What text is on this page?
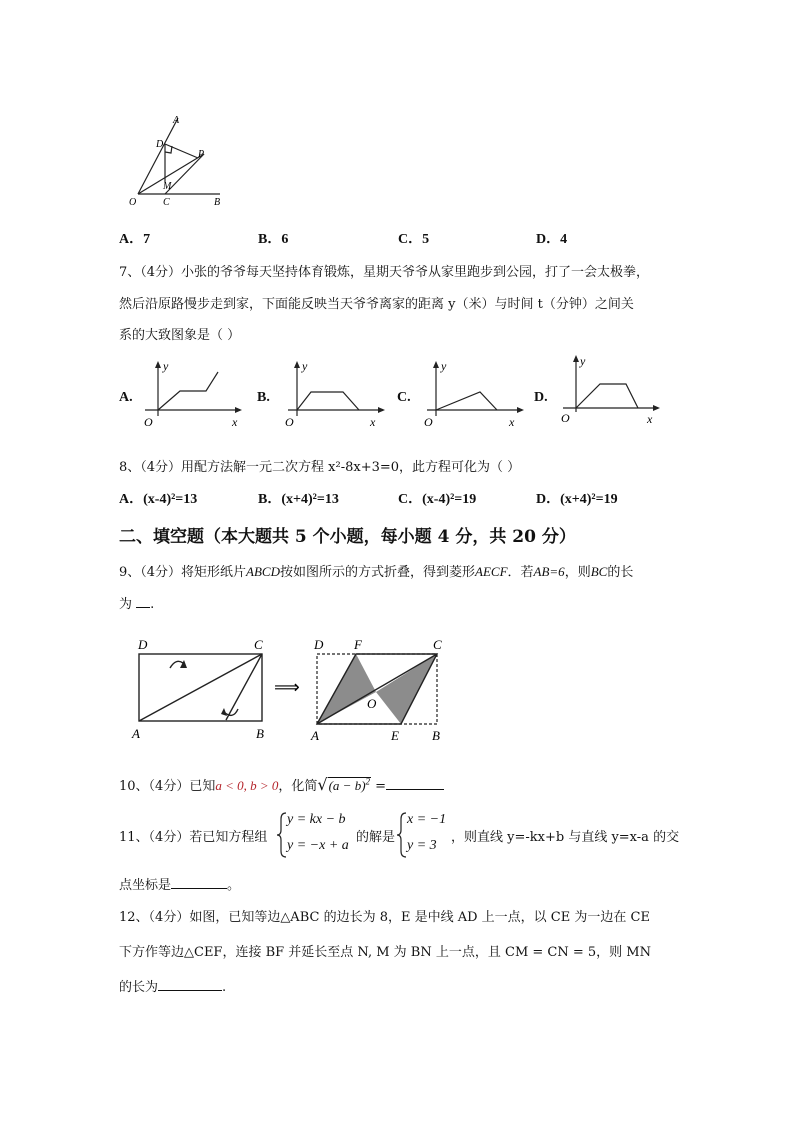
A
D
P
M
O	C	B
A．7	B．6	C．5	D．4
7、（4分）小张的爷爷每天坚持体育锻炼，星期天爷爷从家里跑步到公园，打了一会太极拳，
然后沿原路慢步走到家，下面能反映当天爷爷离家的距离 y（米）与时间 t（分钟）之间关
系的大致图象是（ ）
A.
y
O	x
B.
y
O	x
C.
y
O	x
D.
y
O	x
8、（4分）用配方法解一元二次方程 x²-8x+3=0，此方程可化为（ ）
A．(x-4)²=13	B．(x+4)²=13	C．(x-4)²=19	D．(x+4)²=19
二、填空题（本大题共 5 个小题，每小题 4 分，共 20 分）
9、（4分）将矩形纸片ABCD按如图所示的方式折叠，得到菱形AECF．若AB=6，则BC的长
为 .
D	C
A	B
⟹
D F	C
O
A	E	B
10、（4分）已知a < 0, b > 0，化简$√(a - b)^2$ =
11、（4分）若已知方程组
y = kx − b
y = −x + a
的解是
x = −1
y = 3
，则直线 y=-kx+b 与直线 y=x-a 的交
点坐标是	。
12、（4分）如图，已知等边△ABC 的边长为 8，E 是中线 AD 上一点，以 CE 为一边在 CE
下方作等边△CEF，连接 BF 并延长至点 N, M 为 BN 上一点，且 CM = CN = 5，则 MN
的长为	.
